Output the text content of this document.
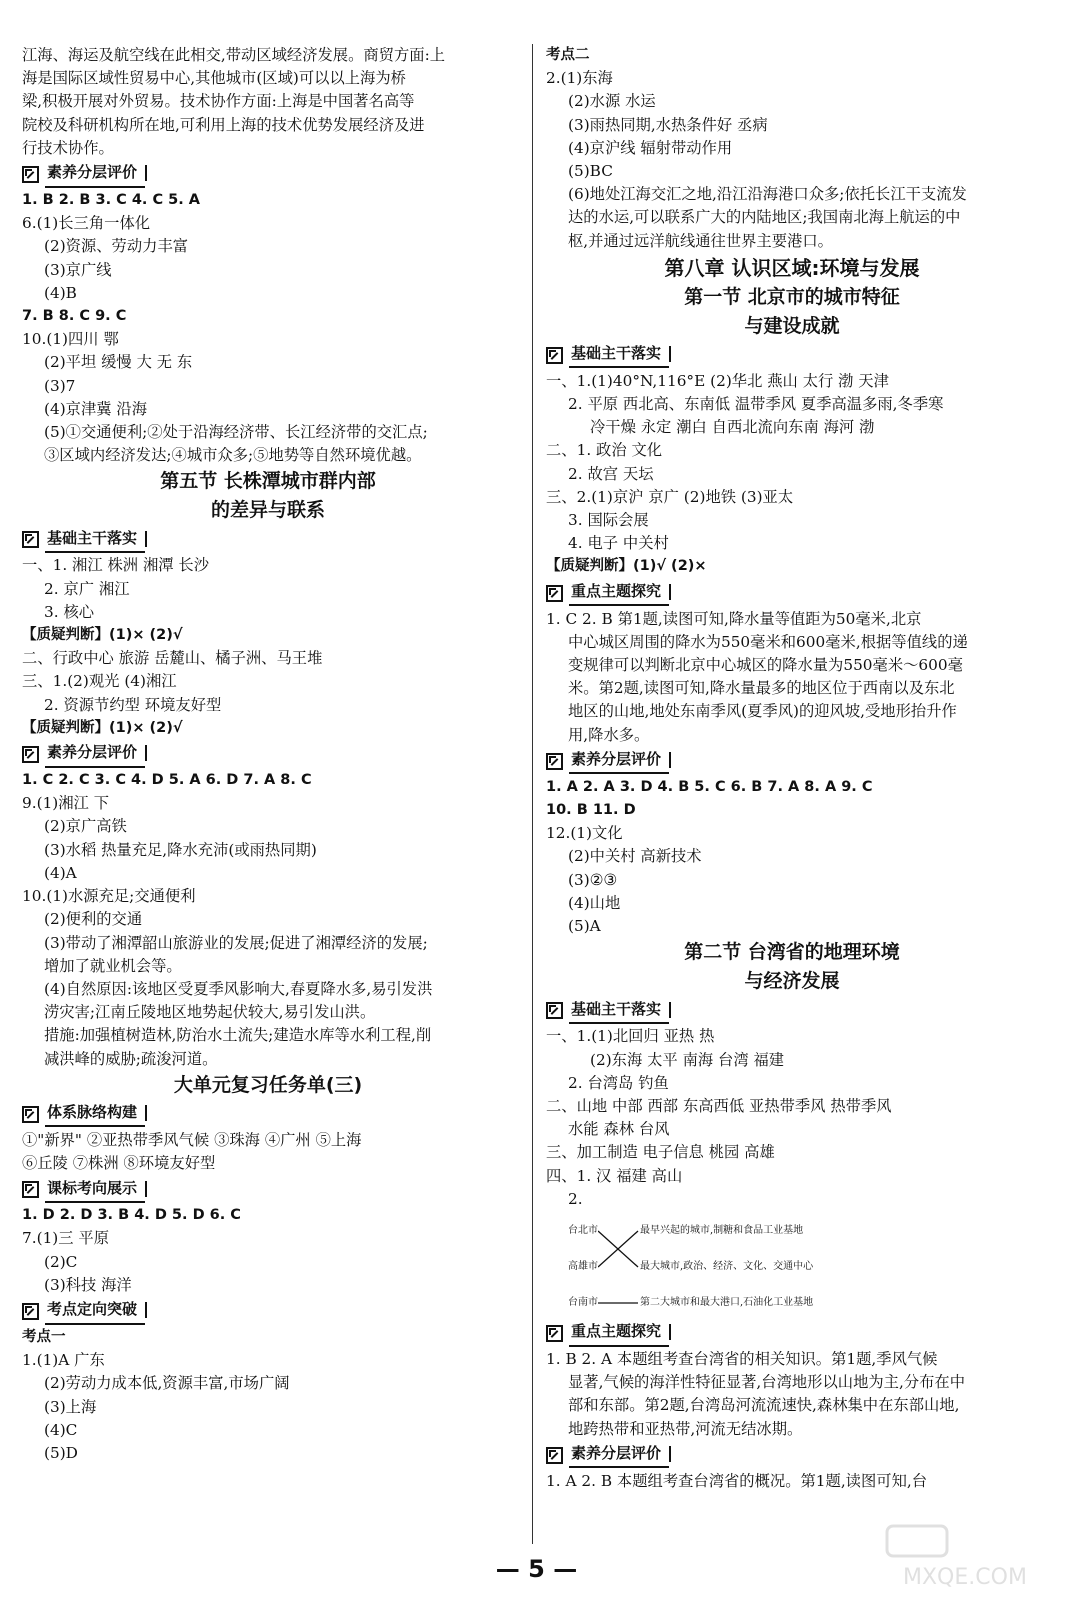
江海、海运及航空线在此相交,带动区域经济发展。商贸方面:上
海是国际区域性贸易中心,其他城市(区域)可以以上海为桥
梁,积极开展对外贸易。技术协作方面:上海是中国著名高等
院校及科研机构所在地,可利用上海的技术优势发展经济及进
行技术协作。
素养分层评价
1. B 2. B 3. C 4. C 5. A
6.(1)长三角一体化
(2)资源、劳动力丰富
(3)京广线
(4)B
7. B 8. C 9. C
10.(1)四川 鄂
(2)平坦 缓慢 大 无 东
(3)7
(4)京津冀 沿海
(5)①交通便利;②处于沿海经济带、长江经济带的交汇点;
③区域内经济发达;④城市众多;⑤地势等自然环境优越。
第五节 长株潭城市群内部
的差异与联系
基础主干落实
一、1. 湘江 株洲 湘潭 长沙
2. 京广 湘江
3. 核心
【质疑判断】(1)× (2)√
二、行政中心 旅游 岳麓山、橘子洲、马王堆
三、1.(2)观光 (4)湘江
2. 资源节约型 环境友好型
【质疑判断】(1)× (2)√
素养分层评价
1. C 2. C 3. C 4. D 5. A 6. D 7. A 8. C
9.(1)湘江 下
(2)京广高铁
(3)水稻 热量充足,降水充沛(或雨热同期)
(4)A
10.(1)水源充足;交通便利
(2)便利的交通
(3)带动了湘潭韶山旅游业的发展;促进了湘潭经济的发展;
增加了就业机会等。
(4)自然原因:该地区受夏季风影响大,春夏降水多,易引发洪
涝灾害;江南丘陵地区地势起伏较大,易引发山洪。
措施:加强植树造林,防治水土流失;建造水库等水利工程,削
减洪峰的威胁;疏浚河道。
大单元复习任务单(三)
体系脉络构建
①"新界" ②亚热带季风气候 ③珠海 ④广州 ⑤上海
⑥丘陵 ⑦株洲 ⑧环境友好型
课标考向展示
1. D 2. D 3. B 4. D 5. D 6. C
7.(1)三 平原
(2)C
(3)科技 海洋
考点定向突破
考点一
1.(1)A 广东
(2)劳动力成本低,资源丰富,市场广阔
(3)上海
(4)C
(5)D
考点二
2.(1)东海
(2)水源 水运
(3)雨热同期,水热条件好 丞病
(4)京沪线 辐射带动作用
(5)BC
(6)地处江海交汇之地,沿江沿海港口众多;依托长江干支流发
达的水运,可以联系广大的内陆地区;我国南北海上航运的中
枢,并通过远洋航线通往世界主要港口。
第八章 认识区域:环境与发展
第一节 北京市的城市特征
与建设成就
基础主干落实
一、1.(1)40°N,116°E (2)华北 燕山 太行 渤 天津
2. 平原 西北高、东南低 温带季风 夏季高温多雨,冬季寒
冷干燥 永定 潮白 自西北流向东南 海河 渤
二、1. 政治 文化
2. 故宫 天坛
三、2.(1)京沪 京广 (2)地铁 (3)亚太
3. 国际会展
4. 电子 中关村
【质疑判断】(1)√ (2)×
重点主题探究
1. C 2. B 第1题,读图可知,降水量等值距为50毫米,北京
中心城区周围的降水为550毫米和600毫米,根据等值线的递
变规律可以判断北京中心城区的降水量为550毫米～600毫
米。第2题,读图可知,降水量最多的地区位于西南以及东北
地区的山地,地处东南季风(夏季风)的迎风坡,受地形抬升作
用,降水多。
素养分层评价
1. A 2. A 3. D 4. B 5. C 6. B 7. A 8. A 9. C
10. B 11. D
12.(1)文化
(2)中关村 高新技术
(3)②③
(4)山地
(5)A
第二节 台湾省的地理环境
与经济发展
基础主干落实
一、1.(1)北回归 亚热 热
(2)东海 太平 南海 台湾 福建
2. 台湾岛 钓鱼
二、山地 中部 西部 东高西低 亚热带季风 热带季风
水能 森林 台风
三、加工制造 电子信息 桃园 高雄
四、1. 汉 福建 高山
2.
台北市
高雄市
台南市
最早兴起的城市,制糖和食品工业基地
最大城市,政治、经济、文化、交通中心
第二大城市和最大港口,石油化工业基地
重点主题探究
1. B 2. A 本题组考查台湾省的相关知识。第1题,季风气候
显著,气候的海洋性特征显著,台湾地形以山地为主,分布在中
部和东部。第2题,台湾岛河流流速快,森林集中在东部山地,
地跨热带和亚热带,河流无结冰期。
素养分层评价
1. A 2. B 本题组考查台湾省的概况。第1题,读图可知,台
— 5 —	MXQE.COM
